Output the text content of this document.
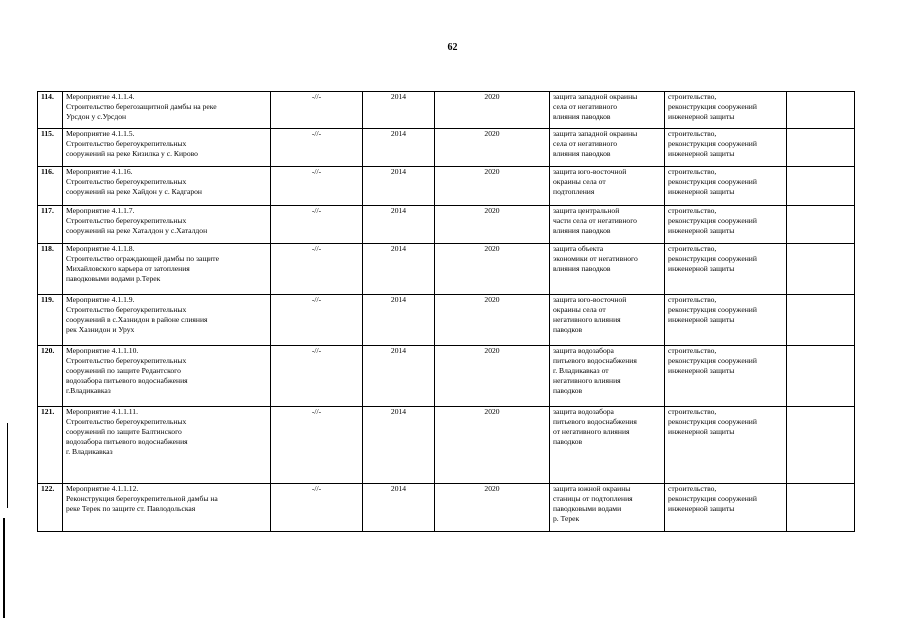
62
114.	Мероприятие 4.1.1.4.
Строительство берегозащитной дамбы на реке
Урсдон у с.Урсдон	-//-	2014	2020	защита западной окраины
села от негативного
влияния паводков	строительство,
реконструкция сооружений
инженерной защиты	
115.	Мероприятие 4.1.1.5.
Строительство берегоукрепительных
сооружений на реке Кизилка у с. Кирово	-//-	2014	2020	защита западной окраины
села от негативного
влияния паводков	строительство,
реконструкция сооружений
инженерной защиты	
116.	Мероприятие 4.1.16.
Строительство берегоукрепительных
сооружений на реке Хайдон у с. Кадгарон	-//-	2014	2020	защита юго-восточной
окраины села от
подтопления	строительство,
реконструкция сооружений
инженерной защиты	
117.	Мероприятие 4.1.1.7.
Строительство берегоукрепительных
сооружений на реке Хаталдон у с.Хаталдон	-//-	2014	2020	защита центральной
части села от негативного
влияния паводков	строительство,
реконструкция сооружений
инженерной защиты	
118.	Мероприятие 4.1.1.8.
Строительство ограждающей дамбы по защите
Михайловского карьера от затопления
паводковыми водами р.Терек	-//-	2014	2020	защита объекта
экономики от негативного
влияния паводков	строительство,
реконструкция сооружений
инженерной защиты	
119.	Мероприятие 4.1.1.9.
Строительство берегоукрепительных
сооружений в с.Хазнидон в районе слияния
рек Хазнидон и Урух	-//-	2014	2020	защита юго-восточной
окраины села от
негативного влияния
паводков	строительство,
реконструкция сооружений
инженерной защиты	
120.	Мероприятие 4.1.1.10.
Строительство берегоукрепительных
сооружений по защите Редантского
водозабора питьевого водоснабжения
г.Владикавказ	-//-	2014	2020	защита водозабора
питьевого водоснабжения
г. Владикавказ от
негативного влияния
паводков	строительство,
реконструкция сооружений
инженерной защиты	
121.	Мероприятие 4.1.1.11.
Строительство берегоукрепительных
сооружений по защите Балтинского
водозабора питьевого водоснабжения
г. Владикавказ	-//-	2014	2020	защита водозабора
питьевого водоснабжения
от негативного влияния
паводков	строительство,
реконструкция сооружений
инженерной защиты	
122.	Мероприятие 4.1.1.12.
Реконструкция берегоукрепительной дамбы на
реке Терек по защите ст. Павлодольская	-//-	2014	2020	защита южной окраины
станицы от подтопления
паводковыми водами
р. Терек	строительство,
реконструкция сооружений
инженерной защиты	
